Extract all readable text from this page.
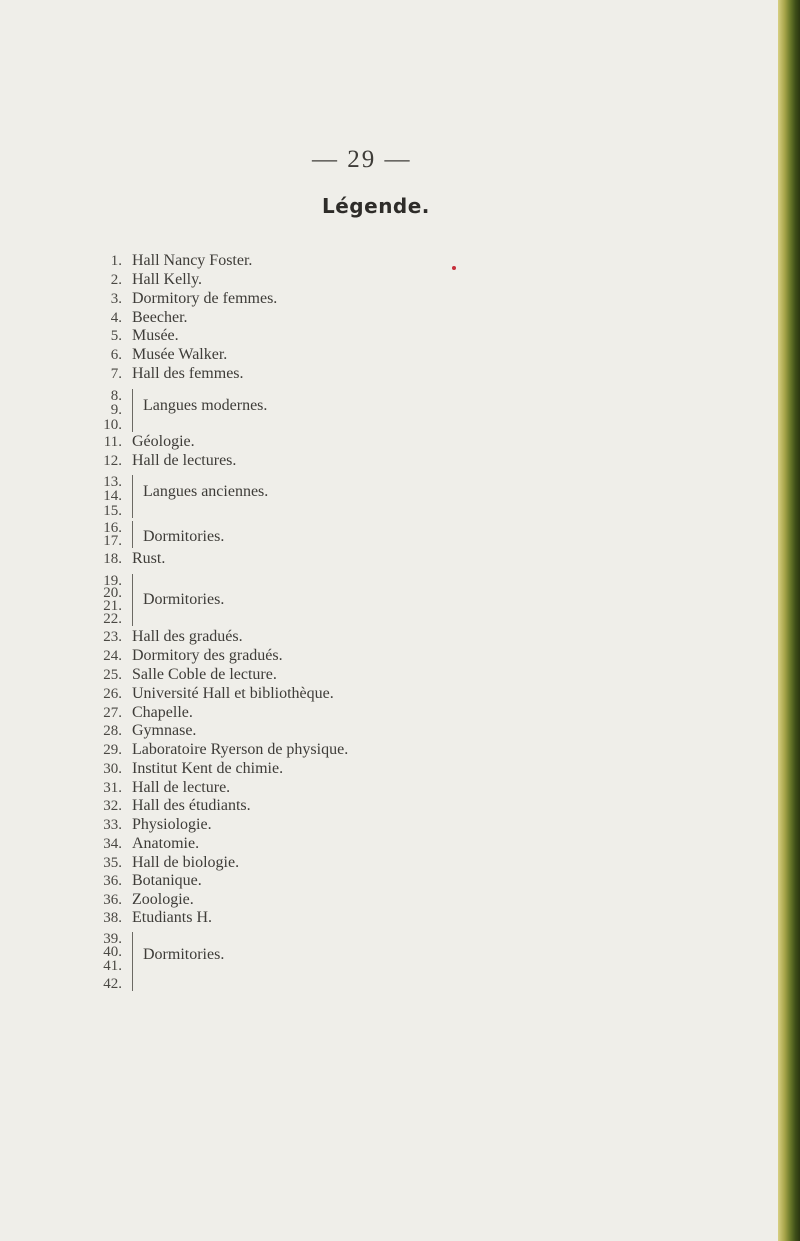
— 29 —
Légende.
1. Hall Nancy Foster.
2. Hall Kelly.
3. Dormitory de femmes.
4. Beecher.
5. Musée.
6. Musée Walker.
7. Hall des femmes.
8.
9.
10.
11. Géologie.
12. Hall de lectures.
13.
14.
15.
16.
17.
18. Rust.
19.
20.
21.
22.
23. Hall des gradués.
24. Dormitory des gradués.
25. Salle Coble de lecture.
26. Université Hall et bibliothèque.
27. Chapelle.
28. Gymnase.
29. Laboratoire Ryerson de physique.
30. Institut Kent de chimie.
31. Hall de lecture.
32. Hall des étudiants.
33. Physiologie.
34. Anatomie.
35. Hall de biologie.
36. Botanique.
36. Zoologie.
38. Etudiants H.
39.
40.
41.
42.
Langues modernes.
Langues anciennes.
Dormitories.
Dormitories.
Dormitories.
